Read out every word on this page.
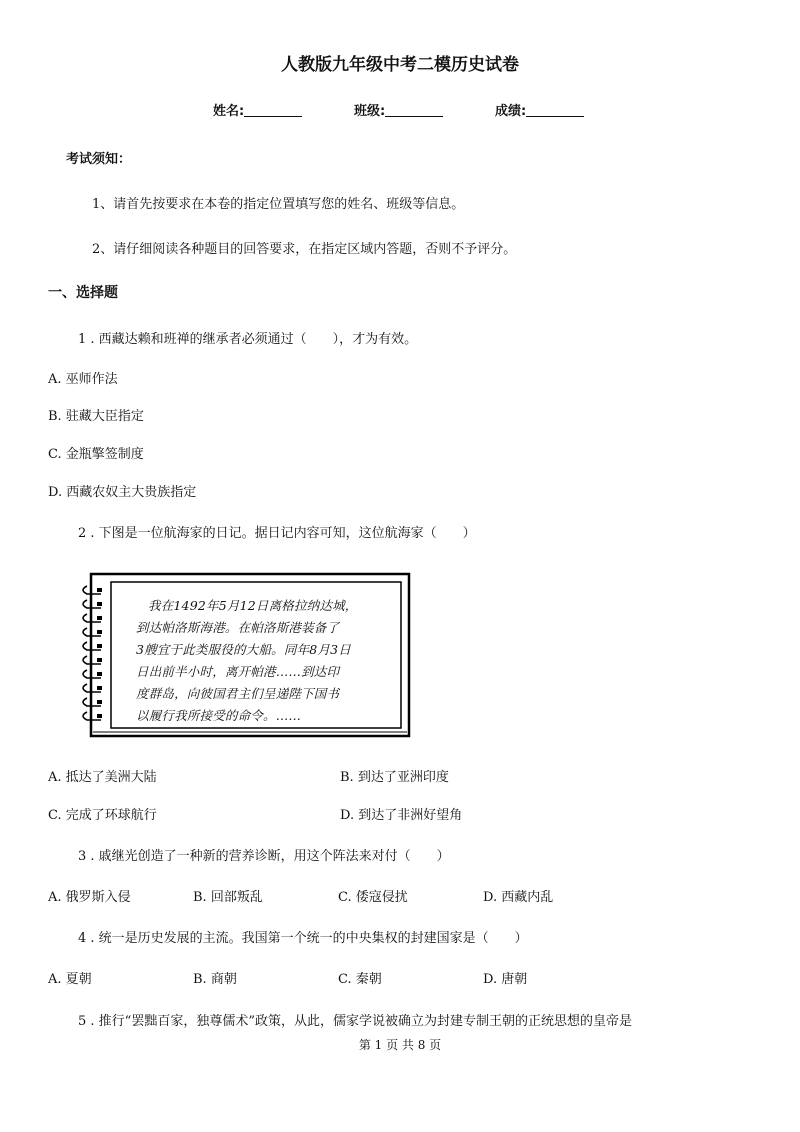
人教版九年级中考二模历史试卷
姓名:	班级:	成绩:
考试须知：
1、请首先按要求在本卷的指定位置填写您的姓名、班级等信息。
2、请仔细阅读各种题目的回答要求，在指定区域内答题，否则不予评分。
一、选择题
1 . 西藏达赖和班禅的继承者必须通过（　　），才为有效。
A. 巫师作法
B. 驻藏大臣指定
C. 金瓶擎签制度
D. 西藏农奴主大贵族指定
2 . 下图是一位航海家的日记。据日记内容可知，这位航海家（　　）
我在1492年5月12日离格拉纳达城，
到达帕洛斯海港。在帕洛斯港装备了
3艘宜于此类服役的大船。同年8月3日
日出前半小时，离开帕港……到达印
度群岛，向彼国君主们呈递陛下国书
以履行我所接受的命令。……
A. 抵达了美洲大陆	B. 到达了亚洲印度
C. 完成了环球航行	D. 到达了非洲好望角
3 . 戚继光创造了一种新的营养诊断，用这个阵法来对付（　　）
A. 俄罗斯入侵	B. 回部叛乱	C. 倭寇侵扰	D. 西藏内乱
4 . 统一是历史发展的主流。我国第一个统一的中央集权的封建国家是（　　）
A. 夏朝	B. 商朝	C. 秦朝	D. 唐朝
5 . 推行“罢黜百家，独尊儒术”政策，从此，儒家学说被确立为封建专制王朝的正统思想的皇帝是
第 1 页 共 8 页
